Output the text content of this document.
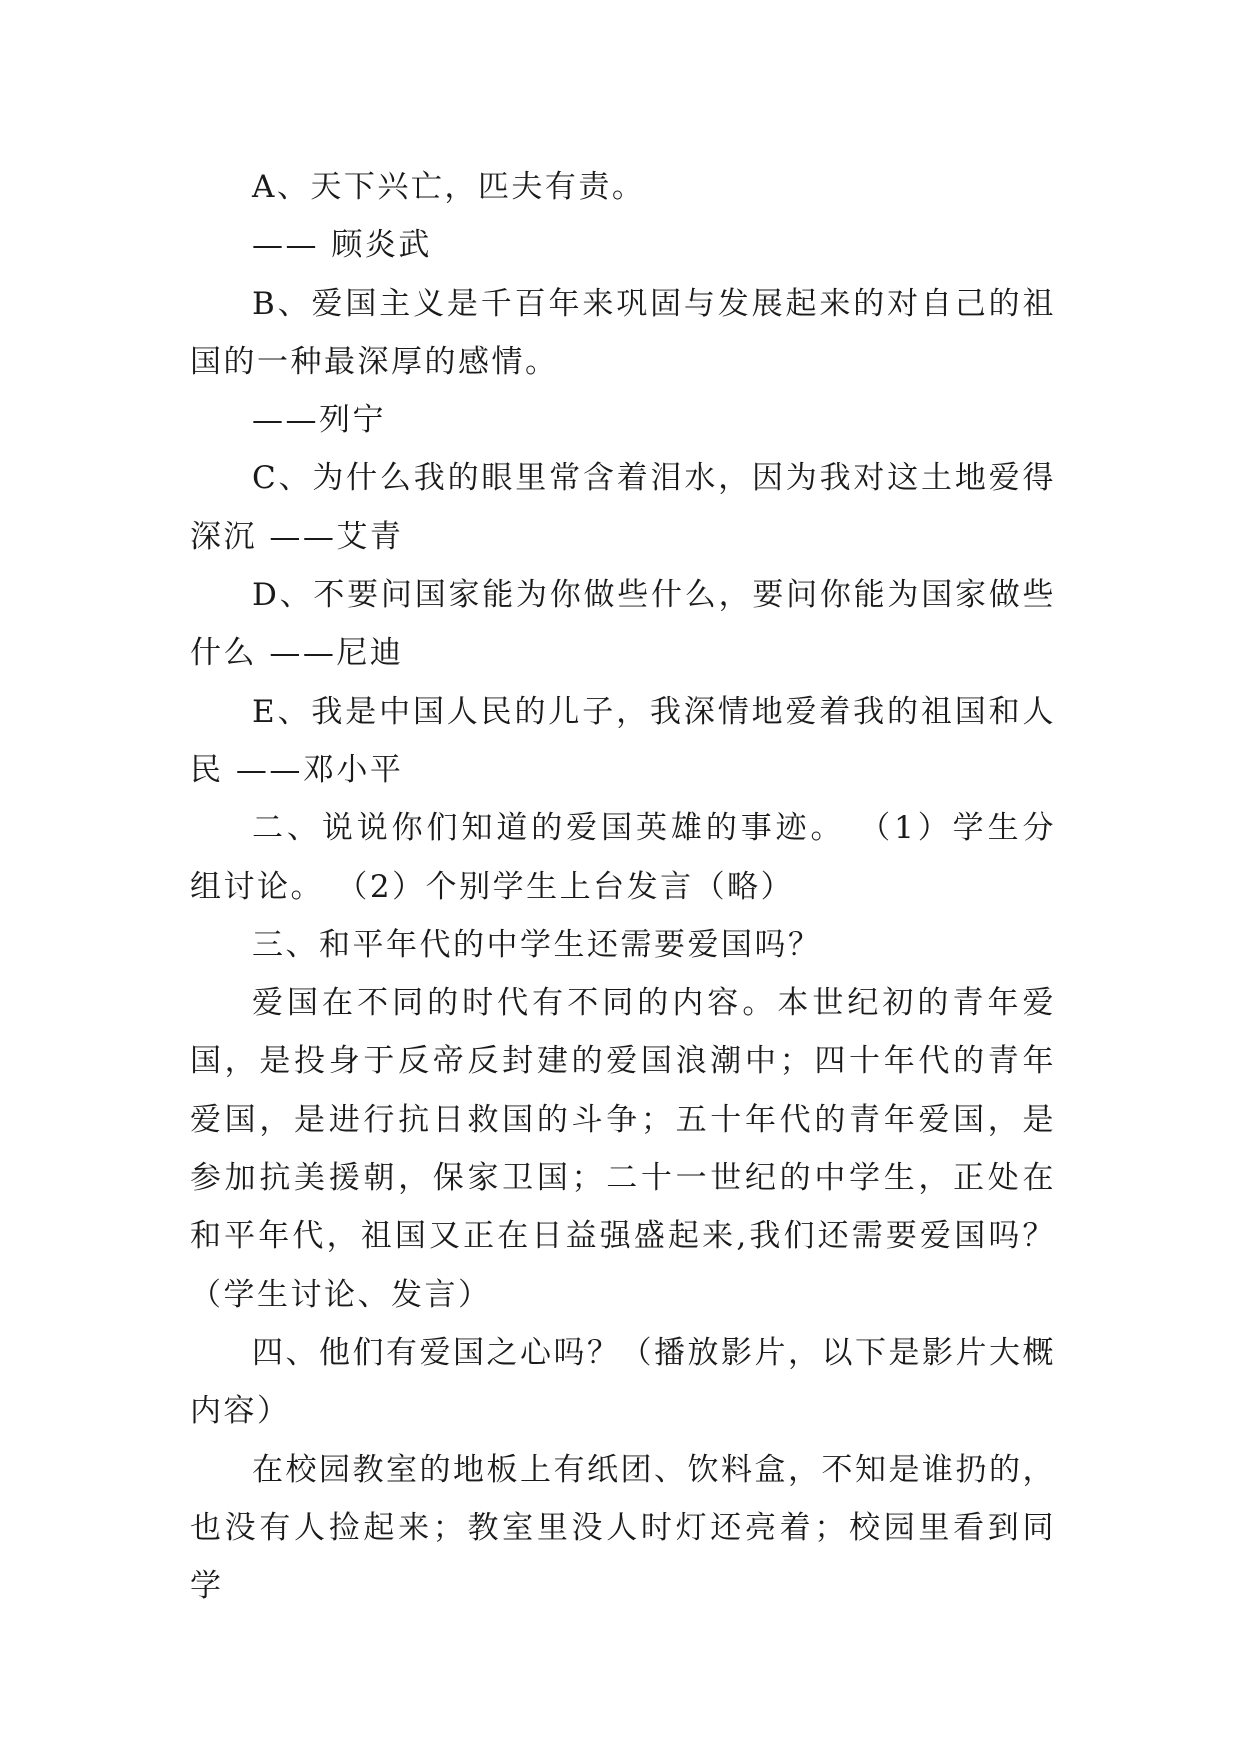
A、天下兴亡，匹夫有责。

—— 顾炎武

B、爱国主义是千百年来巩固与发展起来的对自己的祖国的一种最深厚的感情。

——列宁

C、为什么我的眼里常含着泪水，因为我对这土地爱得深沉 ——艾青

D、不要问国家能为你做些什么，要问你能为国家做些什么 ——尼迪

E、我是中国人民的儿子，我深情地爱着我的祖国和人民 ——邓小平

二、说说你们知道的爱国英雄的事迹。 （1）学生分组讨论。 （2）个别学生上台发言（略）

三、和平年代的中学生还需要爱国吗？

爱国在不同的时代有不同的内容。本世纪初的青年爱国，是投身于反帝反封建的爱国浪潮中；四十年代的青年爱国，是进行抗日救国的斗争；五十年代的青年爱国，是参加抗美援朝，保家卫国；二十一世纪的中学生，正处在和平年代，祖国又正在日益强盛起来,我们还需要爱国吗？（学生讨论、发言）

四、他们有爱国之心吗？（播放影片，以下是影片大概内容）

在校园教室的地板上有纸团、饮料盒，不知是谁扔的，也没有人捡起来；教室里没人时灯还亮着；校园里看到同学
